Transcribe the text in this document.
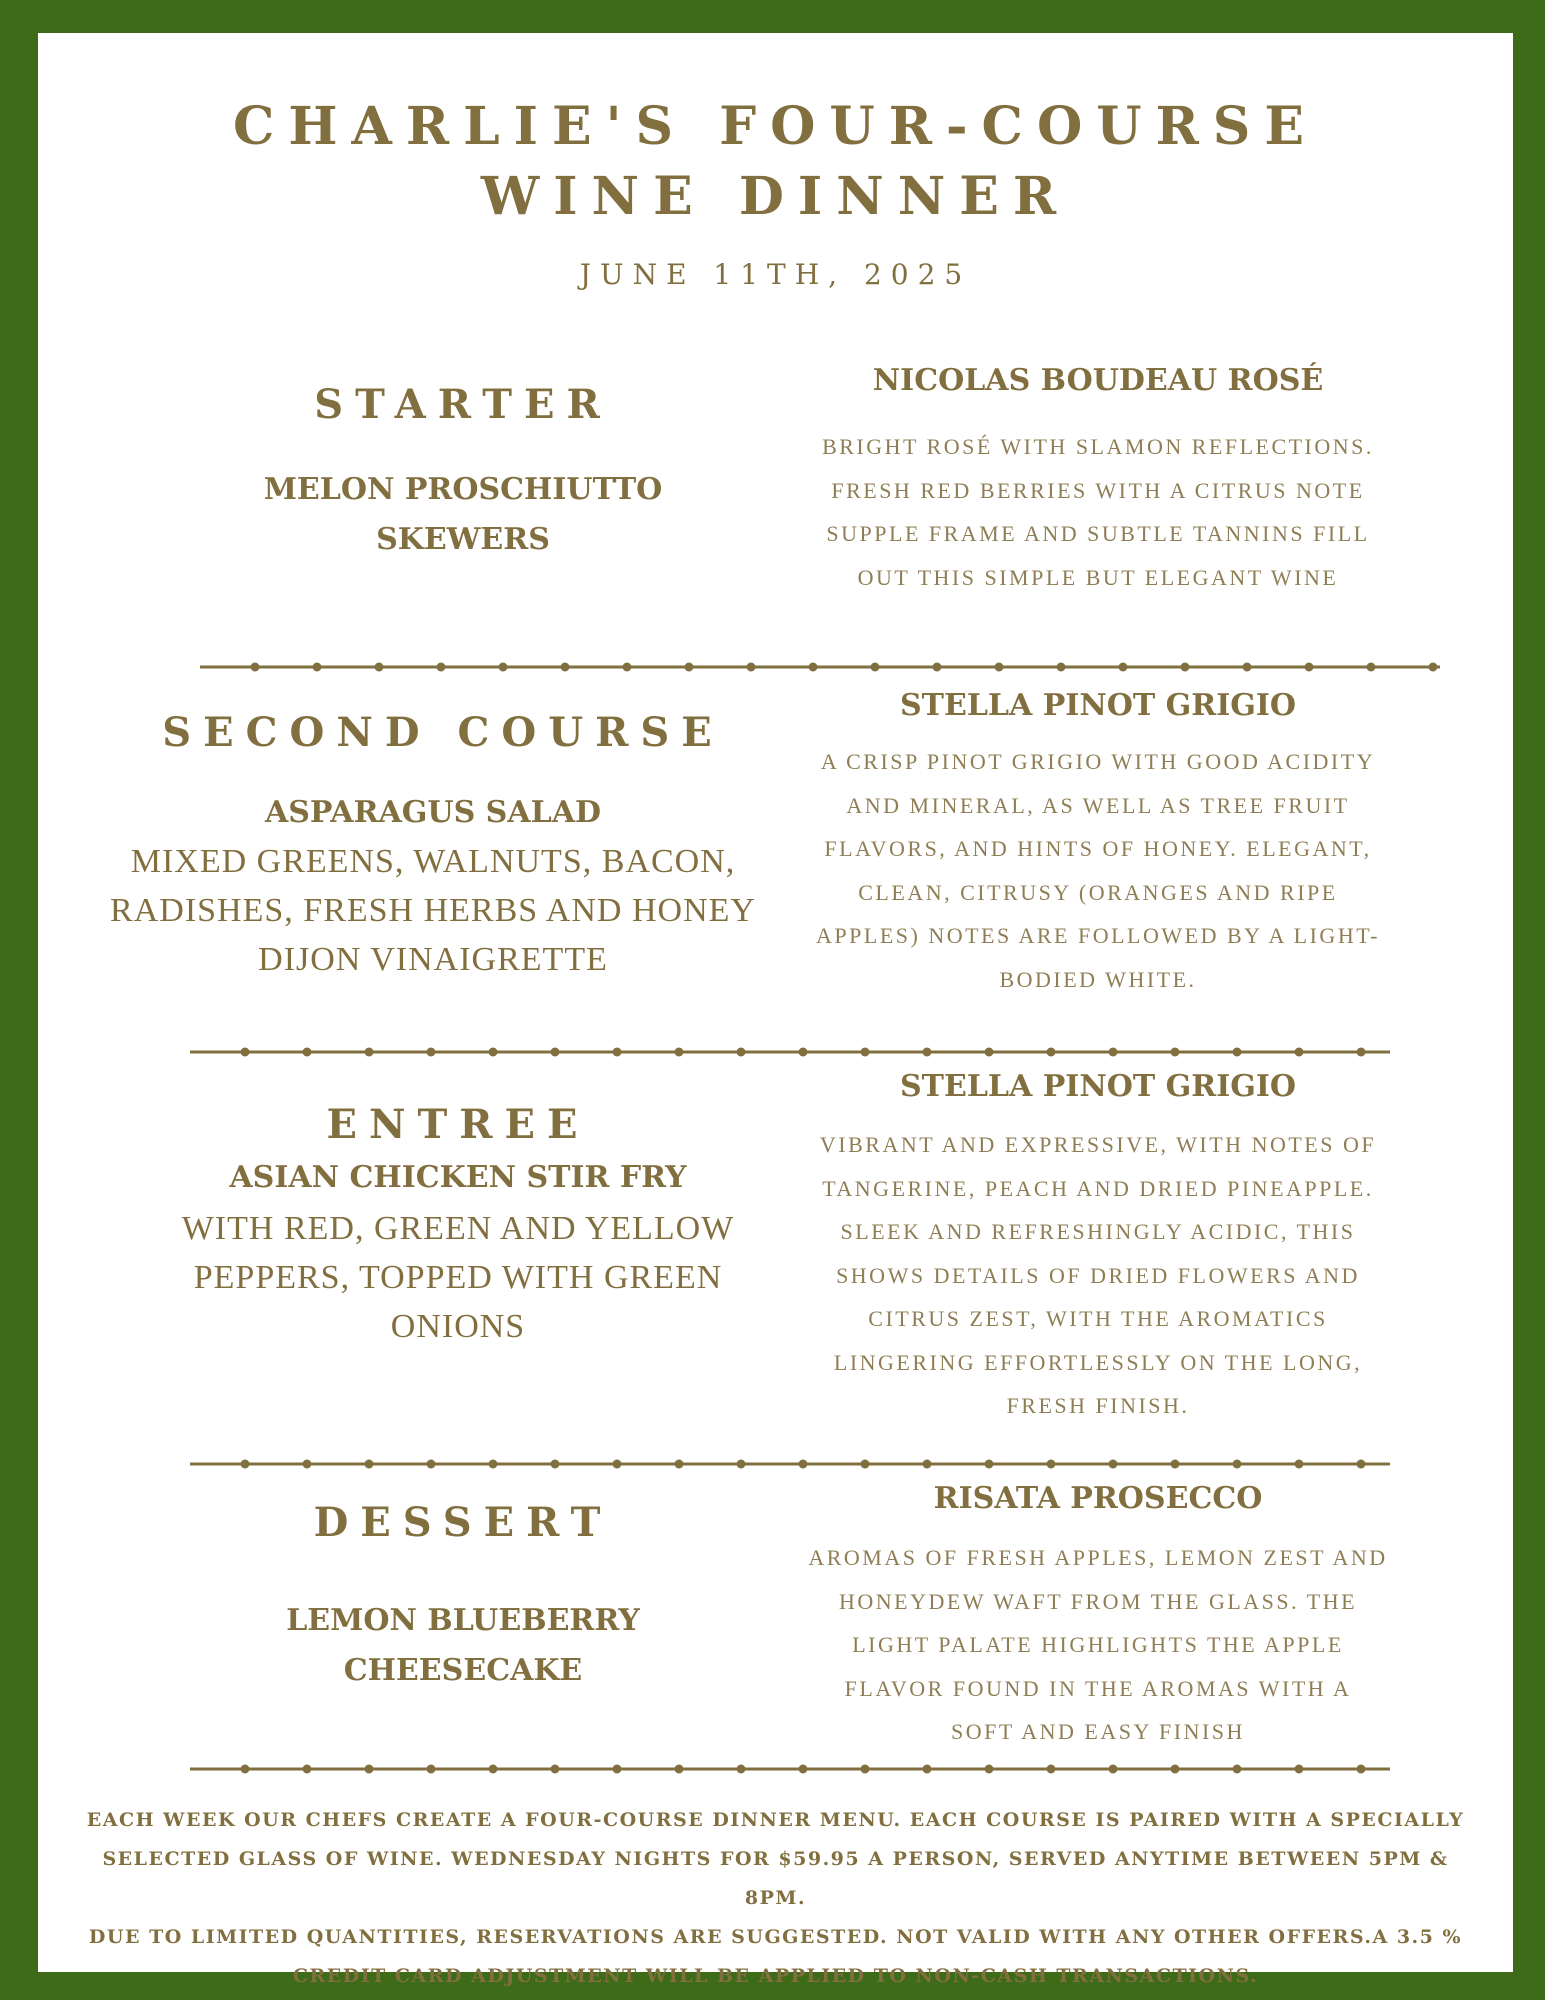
CHARLIE'S FOUR-COURSE
WINE DINNER
JUNE 11TH, 2025
STARTER
MELON PROSCHIUTTO
SKEWERS
NICOLAS BOUDEAU ROSÉ
BRIGHT ROSÉ WITH SLAMON REFLECTIONS.
FRESH RED BERRIES WITH A CITRUS NOTE
SUPPLE FRAME AND SUBTLE TANNINS FILL
OUT THIS SIMPLE BUT ELEGANT WINE
SECOND COURSE
ASPARAGUS SALAD
MIXED GREENS, WALNUTS, BACON,
RADISHES, FRESH HERBS AND HONEY
DIJON VINAIGRETTE
STELLA PINOT GRIGIO
A CRISP PINOT GRIGIO WITH GOOD ACIDITY
AND MINERAL, AS WELL AS TREE FRUIT
FLAVORS, AND HINTS OF HONEY. ELEGANT,
CLEAN, CITRUSY (ORANGES AND RIPE
APPLES) NOTES ARE FOLLOWED BY A LIGHT-
BODIED WHITE.
ENTREE
ASIAN CHICKEN STIR FRY
WITH RED, GREEN AND YELLOW
PEPPERS, TOPPED WITH GREEN
ONIONS
STELLA PINOT GRIGIO
VIBRANT AND EXPRESSIVE, WITH NOTES OF
TANGERINE, PEACH AND DRIED PINEAPPLE.
SLEEK AND REFRESHINGLY ACIDIC, THIS
SHOWS DETAILS OF DRIED FLOWERS AND
CITRUS ZEST, WITH THE AROMATICS
LINGERING EFFORTLESSLY ON THE LONG,
FRESH FINISH.
DESSERT
LEMON BLUEBERRY
CHEESECAKE
RISATA PROSECCO
AROMAS OF FRESH APPLES, LEMON ZEST AND
HONEYDEW WAFT FROM THE GLASS. THE
LIGHT PALATE HIGHLIGHTS THE APPLE
FLAVOR FOUND IN THE AROMAS WITH A
SOFT AND EASY FINISH
EACH WEEK OUR CHEFS CREATE A FOUR-COURSE DINNER MENU. EACH COURSE IS PAIRED WITH A SPECIALLY
SELECTED GLASS OF WINE. WEDNESDAY NIGHTS FOR $59.95 A PERSON, SERVED ANYTIME BETWEEN 5PM & 8PM.
DUE TO LIMITED QUANTITIES, RESERVATIONS ARE SUGGESTED. NOT VALID WITH ANY OTHER OFFERS.A 3.5 %
CREDIT CARD ADJUSTMENT WILL BE APPLIED TO NON-CASH TRANSACTIONS.
